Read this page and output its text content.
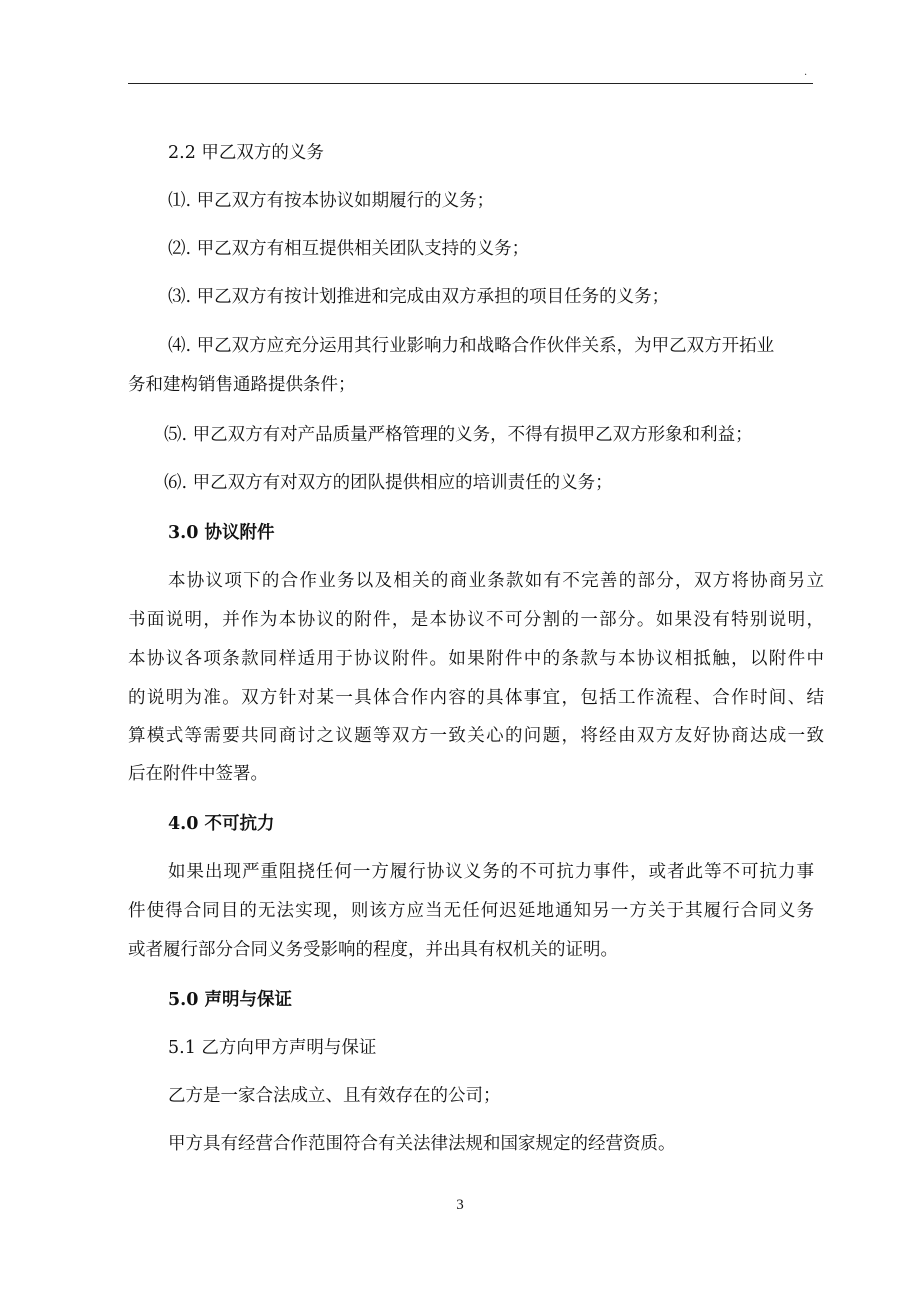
.
2.2 甲乙双方的义务
⑴. 甲乙双方有按本协议如期履行的义务；
⑵. 甲乙双方有相互提供相关团队支持的义务；
⑶. 甲乙双方有按计划推进和完成由双方承担的项目任务的义务；
⑷. 甲乙双方应充分运用其行业影响力和战略合作伙伴关系，为甲乙双方开拓业
务和建构销售通路提供条件；
⑸. 甲乙双方有对产品质量严格管理的义务，不得有损甲乙双方形象和利益；
⑹. 甲乙双方有对双方的团队提供相应的培训责任的义务；
3.0 协议附件
本协议项下的合作业务以及相关的商业条款如有不完善的部分，双方将协商另立
书面说明，并作为本协议的附件，是本协议不可分割的一部分。如果没有特别说明，
本协议各项条款同样适用于协议附件。如果附件中的条款与本协议相抵触，以附件中
的说明为准。双方针对某一具体合作内容的具体事宜，包括工作流程、合作时间、结
算模式等需要共同商讨之议题等双方一致关心的问题，将经由双方友好协商达成一致
后在附件中签署。
4.0 不可抗力
如果出现严重阻挠任何一方履行协议义务的不可抗力事件，或者此等不可抗力事
件使得合同目的无法实现，则该方应当无任何迟延地通知另一方关于其履行合同义务
或者履行部分合同义务受影响的程度，并出具有权机关的证明。
5.0 声明与保证
5.1 乙方向甲方声明与保证
乙方是一家合法成立、且有效存在的公司；
甲方具有经营合作范围符合有关法律法规和国家规定的经营资质。
3
